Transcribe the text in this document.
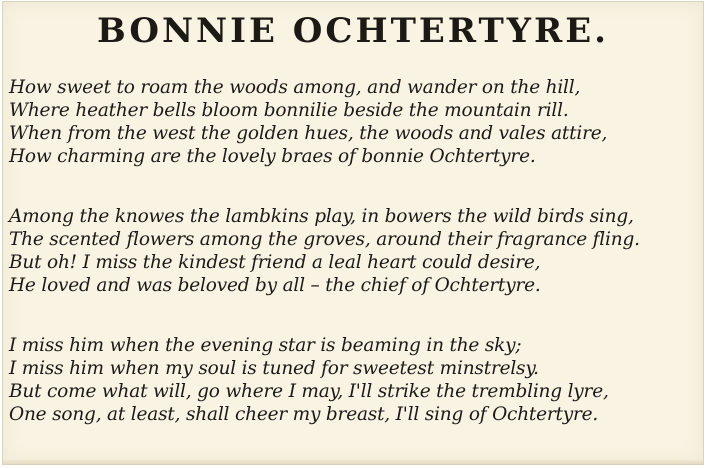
BONNIE OCHTERTYRE.
How sweet to roam the woods among, and wander on the hill,
Where heather bells bloom bonnilie beside the mountain rill.
When from the west the golden hues, the woods and vales attire,
How charming are the lovely braes of bonnie Ochtertyre.
Among the knowes the lambkins play, in bowers the wild birds sing,
The scented flowers among the groves, around their fragrance fling.
But oh! I miss the kindest friend a leal heart could desire,
He loved and was beloved by all – the chief of Ochtertyre.
I miss him when the evening star is beaming in the sky;
I miss him when my soul is tuned for sweetest minstrelsy.
But come what will, go where I may, I'll strike the trembling lyre,
One song, at least, shall cheer my breast, I'll sing of Ochtertyre.
